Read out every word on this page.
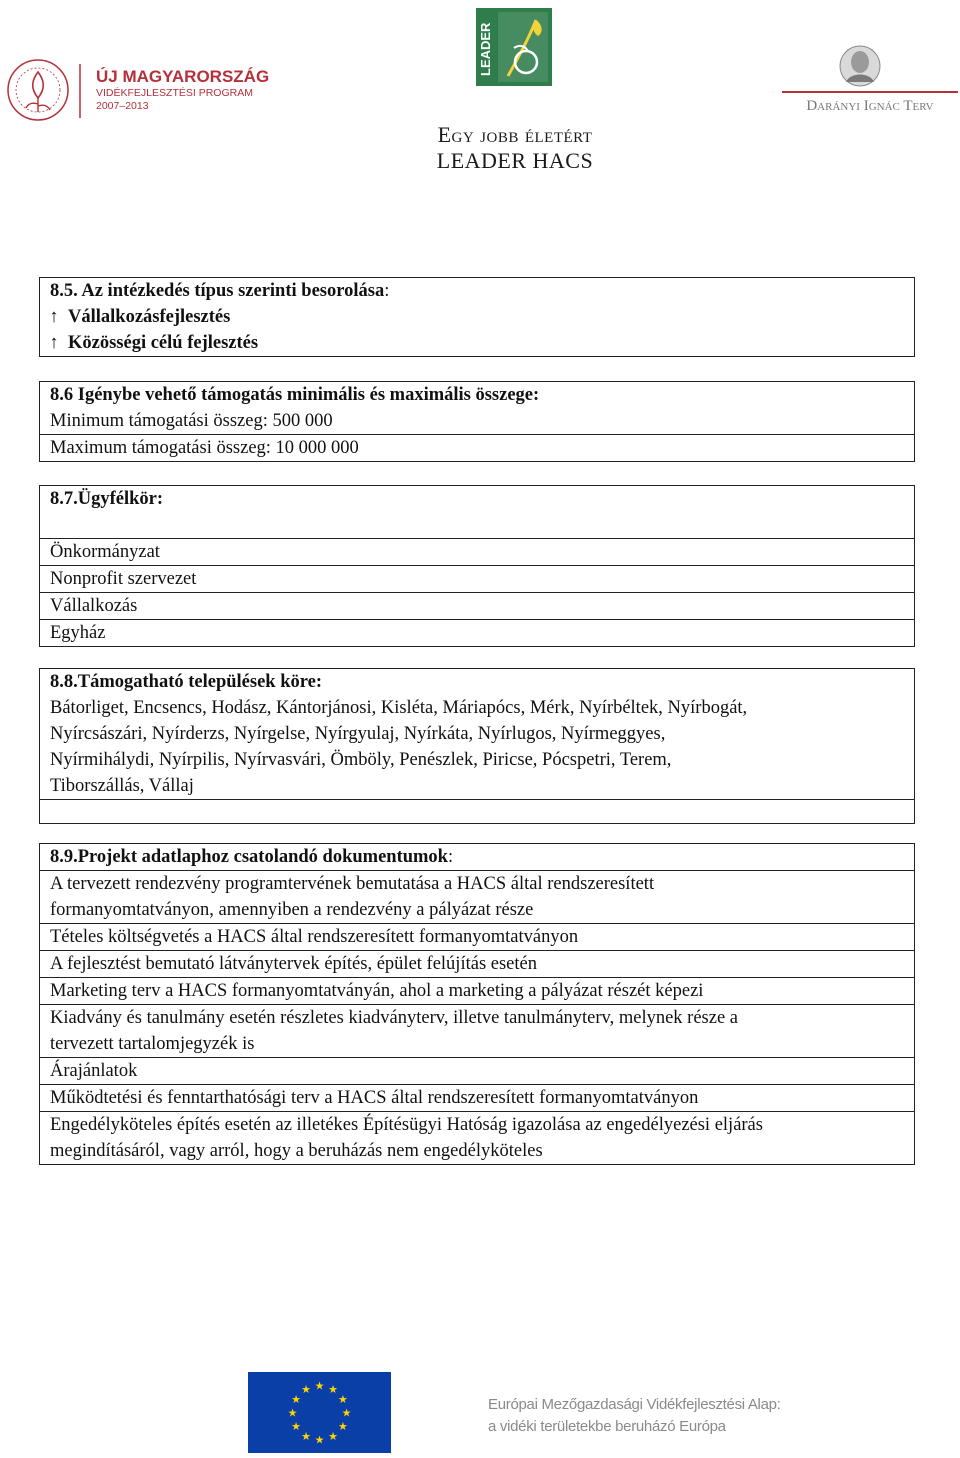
ÚJ MAGYARORSZÁG
VIDÉKFEJLESZTÉSI PROGRAM
2007–2013
LEADER
Darányi Ignác Terv
Egy jobb életért
LEADER HACS
8.5. Az intézkedés típus szerinti besorolása:
↑ Vállalkozásfejlesztés
↑ Közösségi célú fejlesztés
8.6 Igénybe vehető támogatás minimális és maximális összege:
Minimum támogatási összeg: 500 000
Maximum támogatási összeg: 10 000 000
8.7.Ügyfélkör:
Önkormányzat
Nonprofit szervezet
Vállalkozás
Egyház
8.8.Támogatható települések köre:
Bátorliget, Encsencs, Hodász, Kántorjánosi, Kisléta, Máriapócs, Mérk, Nyírbéltek, Nyírbogát,
Nyírcsászári, Nyírderzs, Nyírgelse, Nyírgyulaj, Nyírkáta, Nyírlugos, Nyírmeggyes,
Nyírmihálydi, Nyírpilis, Nyírvasvári, Ömböly, Penészlek, Piricse, Pócspetri, Terem,
Tiborszállás, Vállaj
8.9.Projekt adatlaphoz csatolandó dokumentumok:
A tervezett rendezvény programtervének bemutatása a HACS által rendszeresített
formanyomtatványon, amennyiben a rendezvény a pályázat része
Tételes költségvetés a HACS által rendszeresített formanyomtatványon
A fejlesztést bemutató látványtervek építés, épület felújítás esetén
Marketing terv a HACS formanyomtatványán, ahol a marketing a pályázat részét képezi
Kiadvány és tanulmány esetén részletes kiadványterv, illetve tanulmányterv, melynek része a
tervezett tartalomjegyzék is
Árajánlatok
Működtetési és fenntarthatósági terv a HACS által rendszeresített formanyomtatványon
Engedélyköteles építés esetén az illetékes Építésügyi Hatóság igazolása az engedélyezési eljárás
megindításáról, vagy arról, hogy a beruházás nem engedélyköteles
★ ★
★
★
★
★
★
★
★
★
★
★
Európai Mezőgazdasági Vidékfejlesztési Alap:
a vidéki területekbe beruházó Európa
